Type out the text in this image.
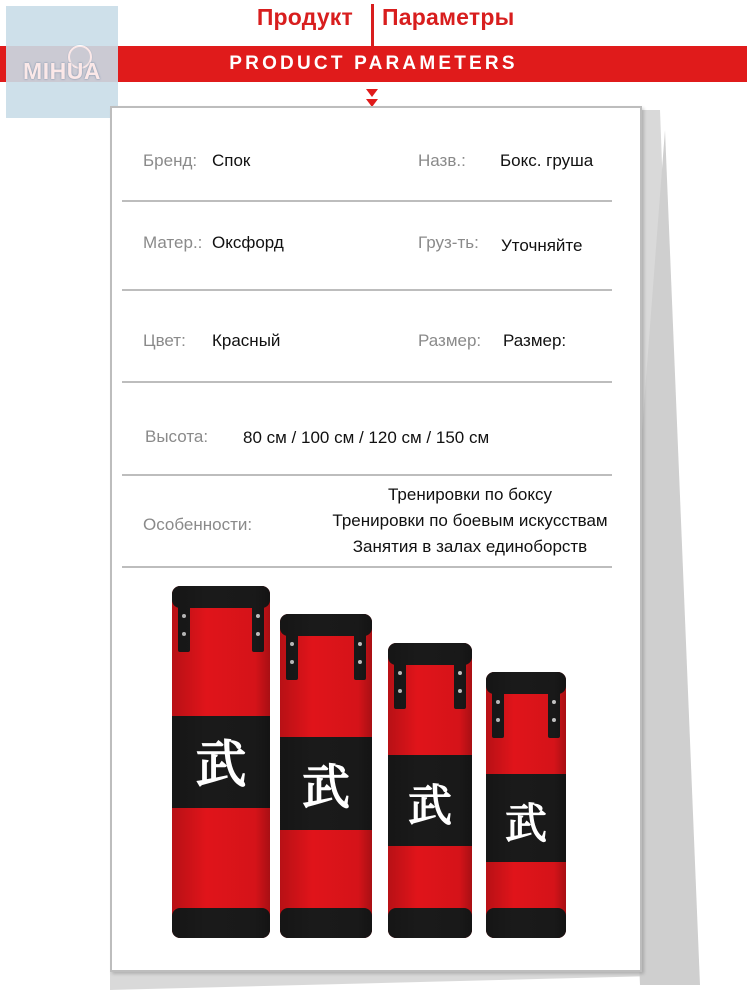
Продукт Параметры
PRODUCT PARAMETERS
MIHUA
Бренд: Спок	Назв.: Бокс. груша
Матер.: Оксфорд	Груз-ть: Уточняйте
Цвет: Красный	Размер: Размер:
Высота: 80 см / 100 см / 120 см / 150 см
Особенности:
Тренировки по боксу
Тренировки по боевым искусствам
Занятия в залах единоборств
武 武 武 武
